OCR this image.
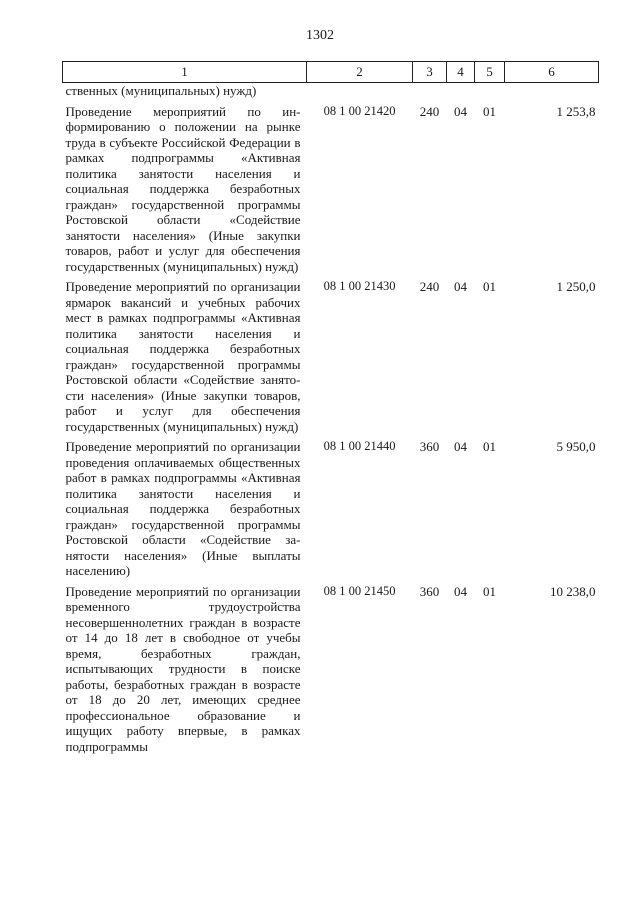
1302
1	2	3	4	5	6
ственных (муниципальных) нужд)					
Проведение мероприятий по информированию о положении на рынке труда в субъекте Российской Федерации в рамках подпрограммы «Активная политика занятости населения и социальная поддержка безработных граждан» государственной программы Ростовской области «Содействие занятости населения» (Иные закупки товаров, работ и услуг для обеспечения государственных (муниципальных) нужд)	08 1 00 21420	240	04	01	1 253,8
Проведение мероприятий по организации ярмарок вакансий и учебных рабочих мест в рамках подпрограммы «Активная политика занятости населения и социальная поддержка безработных граждан» государственной программы Ростовской области «Содействие занятости населения» (Иные закупки товаров, работ и услуг для обеспечения государственных (муниципальных) нужд)	08 1 00 21430	240	04	01	1 250,0
Проведение мероприятий по организации проведения оплачиваемых общественных работ в рамках подпрограммы «Активная политика занятости населения и социальная поддержка безработных граждан» государственной программы Ростовской области «Содействие занятости населения» (Иные выплаты населению)	08 1 00 21440	360	04	01	5 950,0
Проведение мероприятий по организации временного трудоустройства несовершеннолетних граждан в возрасте от 14 до 18 лет в свободное от учебы время, безработных граждан, испытывающих трудности в поиске работы, безработных граждан в возрасте от 18 до 20 лет, имеющих среднее профессиональное образование и ищущих работу впервые, в рамках подпрограммы	08 1 00 21450	360	04	01	10 238,0
